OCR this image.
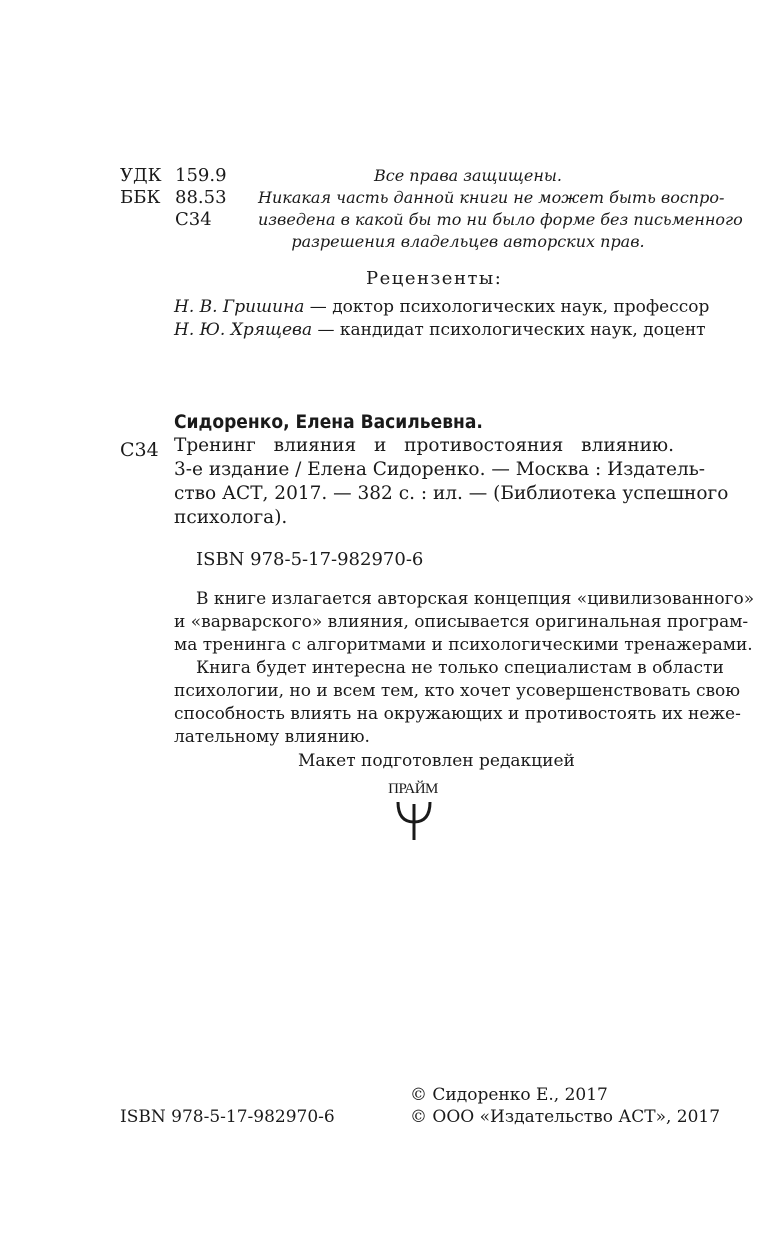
УДК 159.9
ББК 88.53
С34
Все права защищены.
Никакая часть данной книги не может быть воспро-
изведена в какой бы то ни было форме без письменного
разрешения владельцев авторских прав.
Рецензенты:
Н. В. Гришина — доктор психологических наук, профессор
Н. Ю. Хрящева — кандидат психологических наук, доцент
Сидоренко, Елена Васильевна.
С34 Тренинг влияния и противостояния влиянию.
3-е издание / Елена Сидоренко. — Москва : Издатель-
ство АСТ, 2017. — 382 с. : ил. — (Библиотека успешного
психолога).
ISBN 978-5-17-982970-6
В книге излагается авторская концепция «цивилизованного»
и «варварского» влияния, описывается оригинальная програм-
ма тренинга с алгоритмами и психологическими тренажерами.
Книга будет интересна не только специалистам в области
психологии, но и всем тем, кто хочет усовершенствовать свою
способность влиять на окружающих и противостоять их нежe-
лательному влиянию.
Макет подготовлен редакцией
ПРАЙМ
ISBN 978-5-17-982970-6
© Сидоренко Е., 2017
© ООО «Издательство АСТ», 2017
